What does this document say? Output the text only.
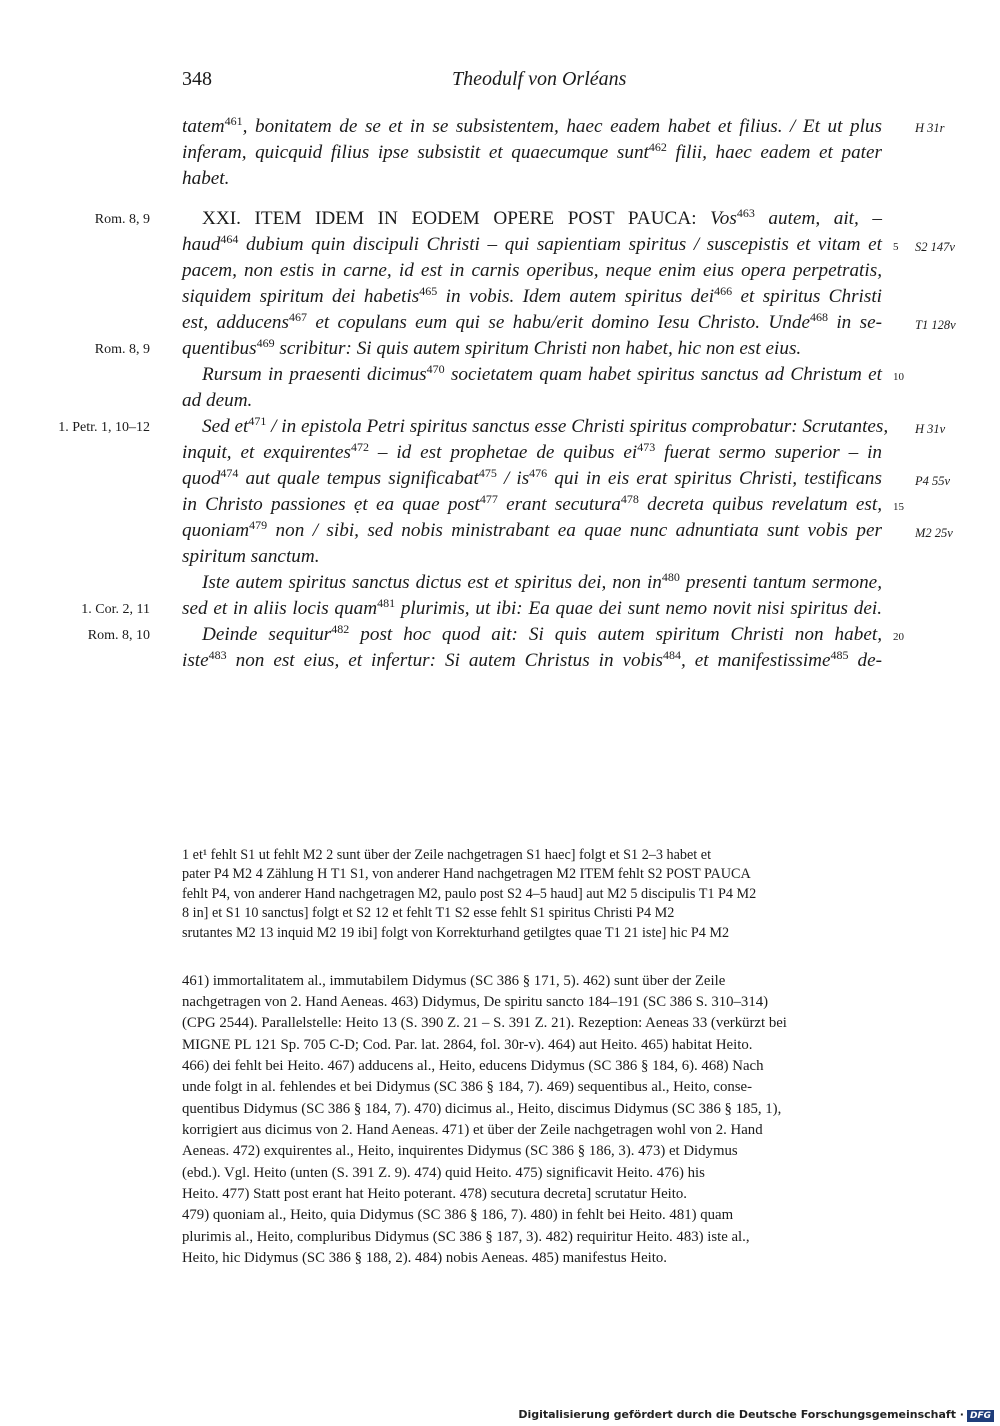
348	Theodulf von Orléans
tatem$^{461}$, bonitatem de se et in se subsistentem, haec eadem habet et filius. / Et ut plus
inferam, quicquid filius ipse subsistit et quaecumque sunt$^{462}$ filii, haec eadem et pater
habet.
XXI. ITEM IDEM IN EODEM OPERE POST PAUCA: Vos$^{463}$ autem, ait, –
haud$^{464}$ dubium quin discipuli Christi – qui sapientiam spiritus / suscepistis et vitam et
pacem, non estis in carne, id est in carnis operibus, neque enim eius opera perpetratis,
siquidem spiritum dei habetis$^{465}$ in vobis. Idem autem spiritus dei$^{466}$ et spiritus Christi
est, adducens$^{467}$ et copulans eum qui se habu/erit domino Iesu Christo. Unde$^{468}$ in se-
quentibus$^{469}$ scribitur: Si quis autem spiritum Christi non habet, hic non est eius.
Rursum in praesenti dicimus$^{470}$ societatem quam habet spiritus sanctus ad Christum et
ad deum.
Sed et$^{471}$ / in epistola Petri spiritus sanctus esse Christi spiritus comprobatur: Scrutantes,
inquit, et exquirentes$^{472}$ – id est prophetae de quibus ei$^{473}$ fuerat sermo superior – in
quod$^{474}$ aut quale tempus significabat$^{475}$ / is$^{476}$ qui in eis erat spiritus Christi, testificans
in Christo passiones ẹt ea quae post$^{477}$ erant secutura$^{478}$ decreta quibus revelatum est,
quoniam$^{479}$ non / sibi, sed nobis ministrabant ea quae nunc adnuntiata sunt vobis per
spiritum sanctum.
Iste autem spiritus sanctus dictus est et spiritus dei, non in$^{480}$ presenti tantum sermone,
sed et in aliis locis quam$^{481}$ plurimis, ut ibi: Ea quae dei sunt nemo novit nisi spiritus dei.
Deinde sequitur$^{482}$ post hoc quod ait: Si quis autem spiritum Christi non habet,
iste$^{483}$ non est eius, et infertur: Si autem Christus in vobis$^{484}$, et manifestissime$^{485}$ de-
Rom. 8, 9
Rom. 8, 9
1. Petr. 1, 10–12
1. Cor. 2, 11
Rom. 8, 10
5
10
15
20
H 31r
S2 147v
T1 128v
H 31v
P4 55v
M2 25v
1 et¹ fehlt S1 ut fehlt M2 2 sunt über der Zeile nachgetragen S1 haec] folgt et S1 2–3 habet et
pater P4 M2 4 Zählung H T1 S1, von anderer Hand nachgetragen M2 ITEM fehlt S2 POST PAUCA
fehlt P4, von anderer Hand nachgetragen M2, paulo post S2 4–5 haud] aut M2 5 discipulis T1 P4 M2
8 in] et S1 10 sanctus] folgt et S2 12 et fehlt T1 S2 esse fehlt S1 spiritus Christi P4 M2
srutantes M2 13 inquid M2 19 ibi] folgt von Korrekturhand getilgtes quae T1 21 iste] hic P4 M2
461) immortalitatem al., immutabilem Didymus (SC 386 § 171, 5). 462) sunt über der Zeile
nachgetragen von 2. Hand Aeneas. 463) Didymus, De spiritu sancto 184–191 (SC 386 S. 310–314)
(CPG 2544). Parallelstelle: Heito 13 (S. 390 Z. 21 – S. 391 Z. 21). Rezeption: Aeneas 33 (verkürzt bei
MIGNE PL 121 Sp. 705 C-D; Cod. Par. lat. 2864, fol. 30r-v). 464) aut Heito. 465) habitat Heito.
466) dei fehlt bei Heito. 467) adducens al., Heito, educens Didymus (SC 386 § 184, 6). 468) Nach
unde folgt in al. fehlendes et bei Didymus (SC 386 § 184, 7). 469) sequentibus al., Heito, conse-
quentibus Didymus (SC 386 § 184, 7). 470) dicimus al., Heito, discimus Didymus (SC 386 § 185, 1),
korrigiert aus dicimus von 2. Hand Aeneas. 471) et über der Zeile nachgetragen wohl von 2. Hand
Aeneas. 472) exquirentes al., Heito, inquirentes Didymus (SC 386 § 186, 3). 473) et Didymus
(ebd.). Vgl. Heito (unten (S. 391 Z. 9). 474) quid Heito. 475) significavit Heito. 476) his
Heito. 477) Statt post erant hat Heito poterant. 478) secutura decreta] scrutatur Heito.
479) quoniam al., Heito, quia Didymus (SC 386 § 186, 7). 480) in fehlt bei Heito. 481) quam
plurimis al., Heito, compluribus Didymus (SC 386 § 187, 3). 482) requiritur Heito. 483) iste al.,
Heito, hic Didymus (SC 386 § 188, 2). 484) nobis Aeneas. 485) manifestus Heito.
Digitalisierung gefördert durch die Deutsche Forschungsgemeinschaft · DFG
